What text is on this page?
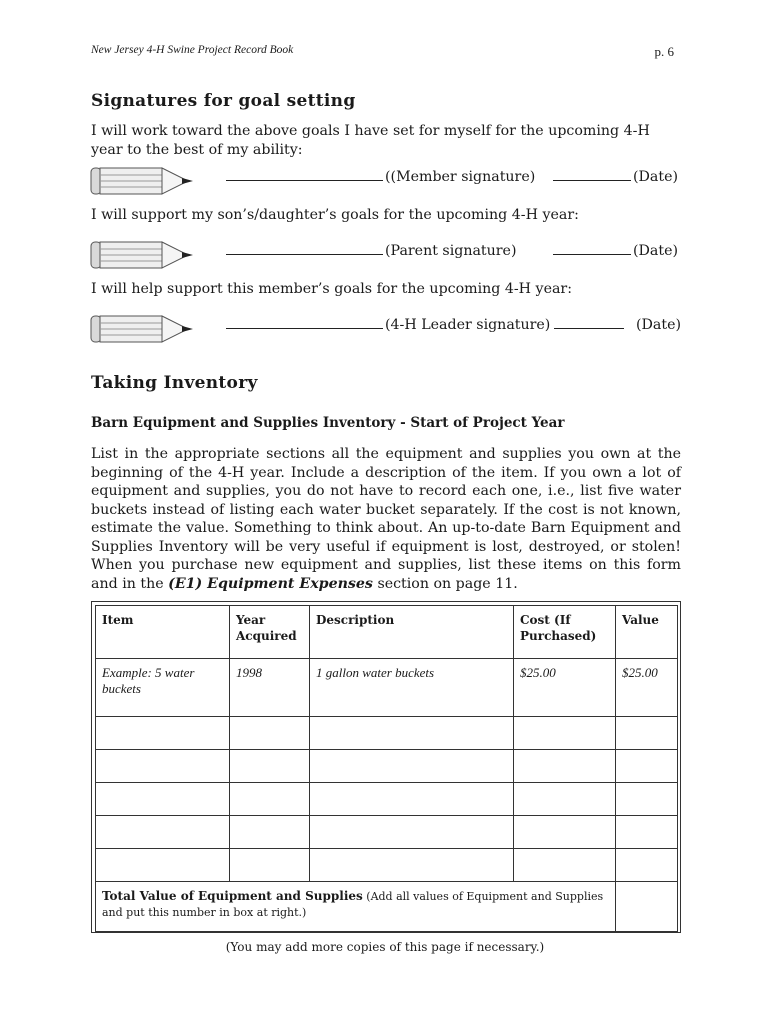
New Jersey 4-H Swine Project Record Book	p. 6
Signatures for goal setting

I will work toward the above goals I have set for myself for the upcoming 4-H year to the best of my ability:

((Member signature)	(Date)

I will support my son’s/daughter’s goals for the upcoming 4-H year:

(Parent signature)	(Date)

I will help support this member’s goals for the upcoming 4-H year:

(4-H Leader signature)	(Date)
Taking Inventory
Barn Equipment and Supplies Inventory - Start of Project Year

List in the appropriate sections all the equipment and supplies you own at the beginning of the 4-H year. Include a description of the item. If you own a lot of equipment and supplies, you do not have to record each one, i.e., list five water buckets instead of listing each water bucket separately. If the cost is not known, estimate the value. Something to think about. An up-to-date Barn Equipment and Supplies Inventory will be very useful if equipment is lost, destroyed, or stolen! When you purchase new equipment and supplies, list these items on this form and in the (E1) Equipment Expenses section on page 11.

Item	Year Acquired	Description	Cost (If Purchased)	Value
Example: 5 water buckets	1998	1 gallon water buckets	$25.00	$25.00

Total Value of Equipment and Supplies (Add all values of Equipment and Supplies and put this number in box at right.)				
(You may add more copies of this page if necessary.)
